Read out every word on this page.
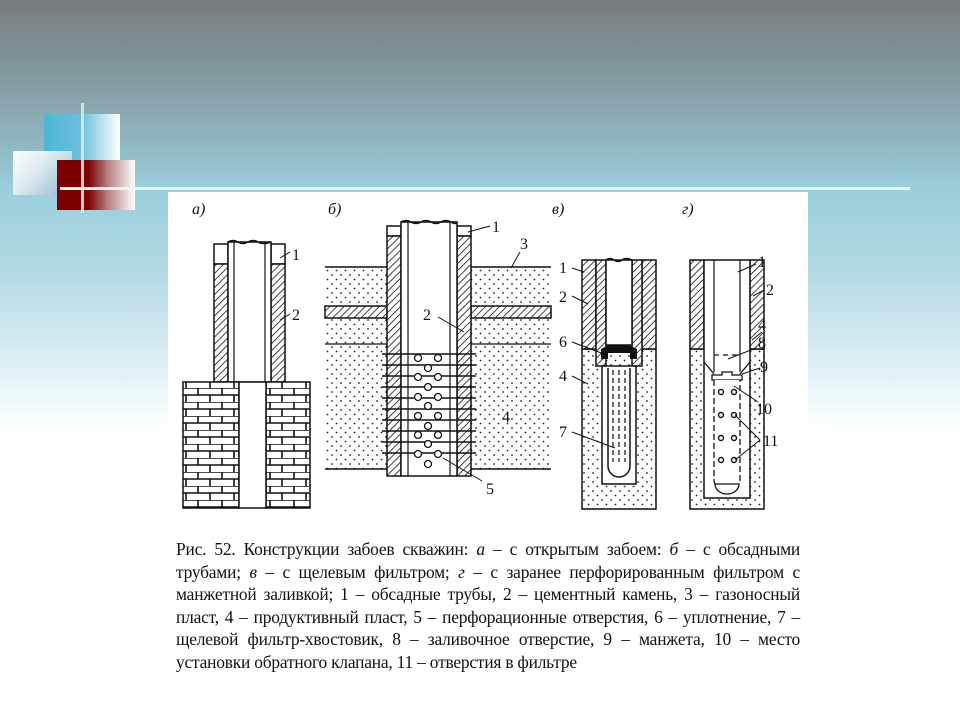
а)
1
2
б)
1
3
2
4
5
в)
1
2
6
4
7
г)
1
2
4
8
9
10
11
Рис. 52. Конструкции забоев скважин: а – с открытым забоем: б – с обсадными трубами; в – с щелевым фильтром; г – с заранее перфорированным фильтром с манжетной заливкой; 1 – обсадные трубы, 2 – цементный камень, 3 – газоносный пласт, 4 – продуктивный пласт, 5 – перфорационные отверстия, 6 – уплотнение, 7 – щелевой фильтр-хвостовик, 8 – заливочное отверстие, 9 – манжета, 10 – место установки обратного клапана, 11 – отверстия в фильтре
